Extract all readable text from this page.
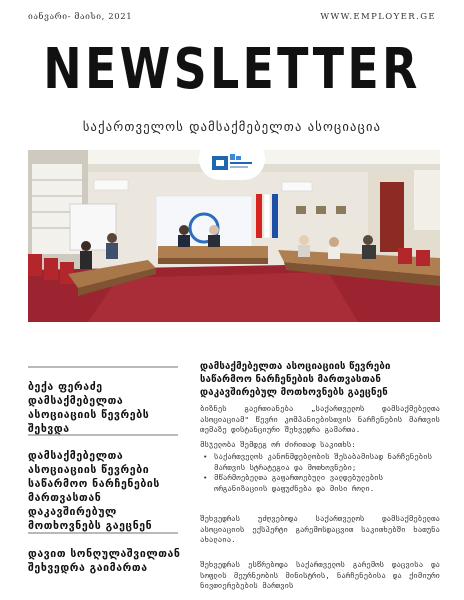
იანვარი- მაისი, 2021	WWW.EMPLOYER.GE
NEWSLETTER
საქართველოს დამსაქმებელთა ასოციაცია
ბექა ფერაძე დამსაქმებელთა ასოციაციის წევრებს შეხვდა
დამსაქმებელთა ასოციაციის წევრები საწარმოო ნარჩენების მართვასთან დაკავშირებულ მოთხოვნებს გაეცნენ
დავით სონღულაშვილთან შეხვედრა გაიმართა
დამსაქმებელთა ასოციაციის წევრები საწარმოო ნარჩენების მართვასთან დაკავშირებულ მოთხოვნებს გაეცნენ
ბიზნეს გაერთიანება „საქართველოს დამსაქმებელთა ასოციაციამ" წევრი კომპანიებისთვის ნარჩენების მართვის თემაზე დისტანციური შეხვედრა გამართა.
მსჯელობა შემდეგ ორ ძირითად საკითხს:
• საქართველოს კანონმდებლობის შესაბამისად ნარჩენების მართვის სტრატეგია და მოთხოვნები;
• მწარმოებელთა გაფართოებული ვალდებულების ორგანიზაციის დაფუძნება და მისი როლი.
შეხვედრას უძღვებოდა საქართველოს დამსაქმებელთა ასოციაციის ექსპერტი გარემოსდაცვით საკითხებში ხათუნა ახალაია.
შეხვედრას ესწრებოდა საქართველოს გარემოს დაცვისა და სოფლის მეურნეობის მინისტრის, ნარჩენებისა და ქიმიური ნივთიერებების მართვის
